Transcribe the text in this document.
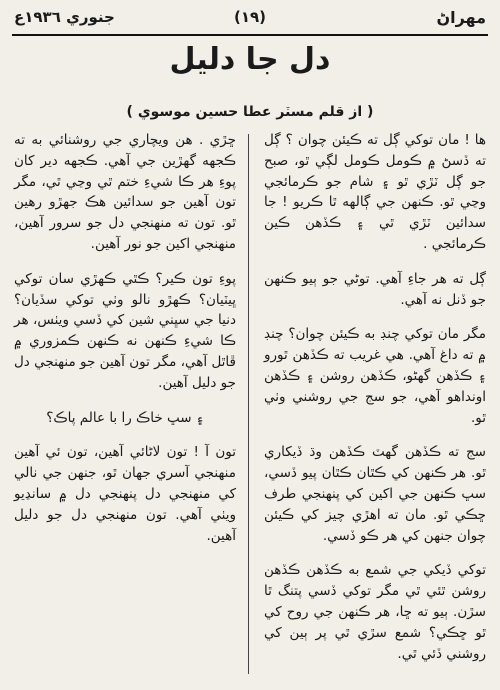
مهراڻ
(١٩)
جنوري ١٩٣٦ع
دل جا دليل
( از قلم مسٽر عطا حسين موسوي )

ها ! مان توکي ڳل ته ڪيئن چوان ؟ ڳل ته ڏسڻ ۾ ڪومل ڪومل لڳي ٿو، صبح جو ڳل ٽڙي ٿو ۽ شام جو ڪرمائجي وڃي ٿو. ڪنهن جي ڳالهه ٿا ڪريو ! جا سدائين ٽڙي ٿي ۽ ڪڏهن ڪين ڪرمائجي .

ڳل ته هر جاءِ آهي. توڻي جو ٻيو ڪنهن جو ڏنل نه آهي.

مگر مان توکي چنڊ به ڪيئن چوان؟ چنڊ ۾ ته داغ آهي. هي غريب ته ڪڏهن ٿورو ۽ ڪڏهن گهڻو، ڪڏهن روشن ۽ ڪڏهن اونداهو آهي، جو سج جي روشني وٺي ٿو.

سج ته ڪڏهن گهٽ ڪڏهن وڌ ڏيکاري ٿو. هر ڪنهن کي ڪٿان ڪٿان پيو ڏسي، سڀ ڪنهن جي اکين کي پنهنجي طرف ڇڪي ٿو. مان ته اهڙي چيز کي ڪيئن چوان جنهن کي هر ڪو ڏسي.

توکي ڏيکي جي شمع به ڪڏهن ڪڏهن روشن ٿئي ٿي مگر توکي ڏسي پتنگ ٿا سڙن. ٻيو ته ڇا، هر ڪنهن جي روح کي ٿو ڇڪي؟ شمع سڙي ٿي پر ٻين کي روشني ڏئي ٿي.

ڇڙي . هن ويچاري جي روشنائي به ته ڪجهه گهڙين جي آهي. ڪجهه دير کان پوءِ هر ڪا شيءِ ختم ٿي وڃي ٿي، مگر تون آهين جو سدائين هڪ جهڙو رهين ٿو. تون ته منهنجي دل جو سرور آهين، منهنجي اکين جو نور آهين.

پوءِ تون ڪير؟ ڪٿي ڪهڙي سان توکي ڀيٽيان؟ ڪهڙو نالو وٺي توکي سڏيان؟ دنيا جي سڀني شين کي ڏسي ويٺس، هر ڪا شيءِ ڪنهن نه ڪنهن ڪمزوري ۾ ڦاٿل آهي، مگر تون آهين جو منهنجي دل جو دليل آهين.

۽ سڀ خاڪ را با عالم پاڪ؟

تون آ ! تون لاڻائي آهين، تون ئي آهين منهنجي آسري جهان ٿو، جنهن جي نالي کي منهنجي دل پنهنجي دل ۾ سانڍيو ويٺي آهي. تون منهنجي دل جو دليل آهين.
